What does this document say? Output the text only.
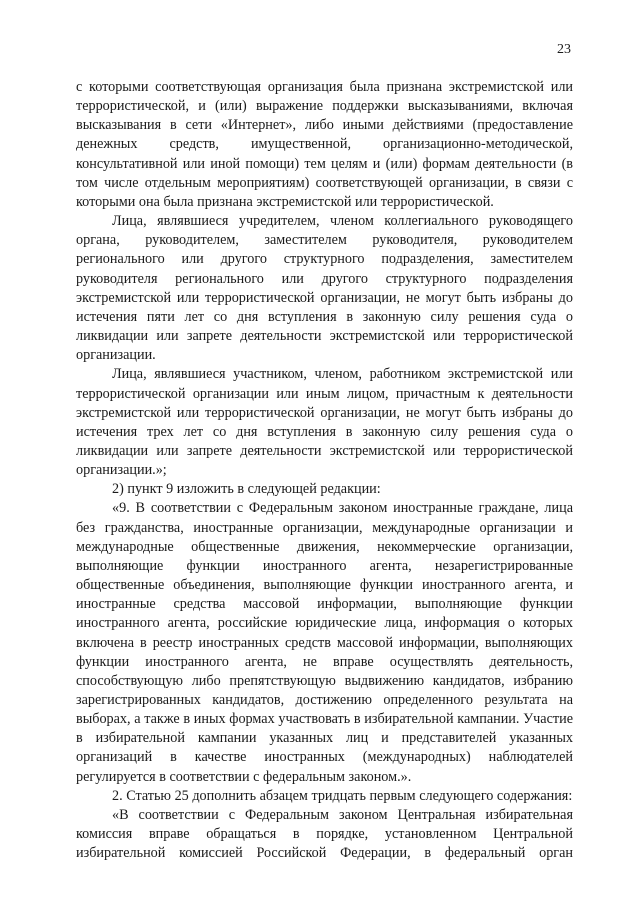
23

с которыми соответствующая организация была признана экстремистской или террористической, и (или) выражение поддержки высказываниями, включая высказывания в сети «Интернет», либо иными действиями (предоставление денежных средств, имущественной, организационно-методической, консультативной или иной помощи) тем целям и (или) формам деятельности (в том числе отдельным мероприятиям) соответствующей организации, в связи с которыми она была признана экстремистской или террористической.

Лица, являвшиеся учредителем, членом коллегиального руководящего органа, руководителем, заместителем руководителя, руководителем регионального или другого структурного подразделения, заместителем руководителя регионального или другого структурного подразделения экстремистской или террористической организации, не могут быть избраны до истечения пяти лет со дня вступления в законную силу решения суда о ликвидации или запрете деятельности экстремистской или террористической организации.

Лица, являвшиеся участником, членом, работником экстремистской или террористической организации или иным лицом, причастным к деятельности экстремистской или террористической организации, не могут быть избраны до истечения трех лет со дня вступления в законную силу решения суда о ликвидации или запрете деятельности экстремистской или террористической организации.»;

2) пункт 9 изложить в следующей редакции:

«9. В соответствии с Федеральным законом иностранные граждане, лица без гражданства, иностранные организации, международные организации и международные общественные движения, некоммерческие организации, выполняющие функции иностранного агента, незарегистрированные общественные объединения, выполняющие функции иностранного агента, и иностранные средства массовой информации, выполняющие функции иностранного агента, российские юридические лица, информация о которых включена в реестр иностранных средств массовой информации, выполняющих функции иностранного агента, не вправе осуществлять деятельность, способствующую либо препятствующую выдвижению кандидатов, избранию зарегистрированных кандидатов, достижению определенного результата на выборах, а также в иных формах участвовать в избирательной кампании. Участие в избирательной кампании указанных лиц и представителей указанных организаций в качестве иностранных (международных) наблюдателей регулируется в соответствии с федеральным законом.».

2. Статью 25 дополнить абзацем тридцать первым следующего содержания:

«В соответствии с Федеральным законом Центральная избирательная комиссия вправе обращаться в порядке, установленном Центральной избирательной комиссией Российской Федерации, в федеральный орган
